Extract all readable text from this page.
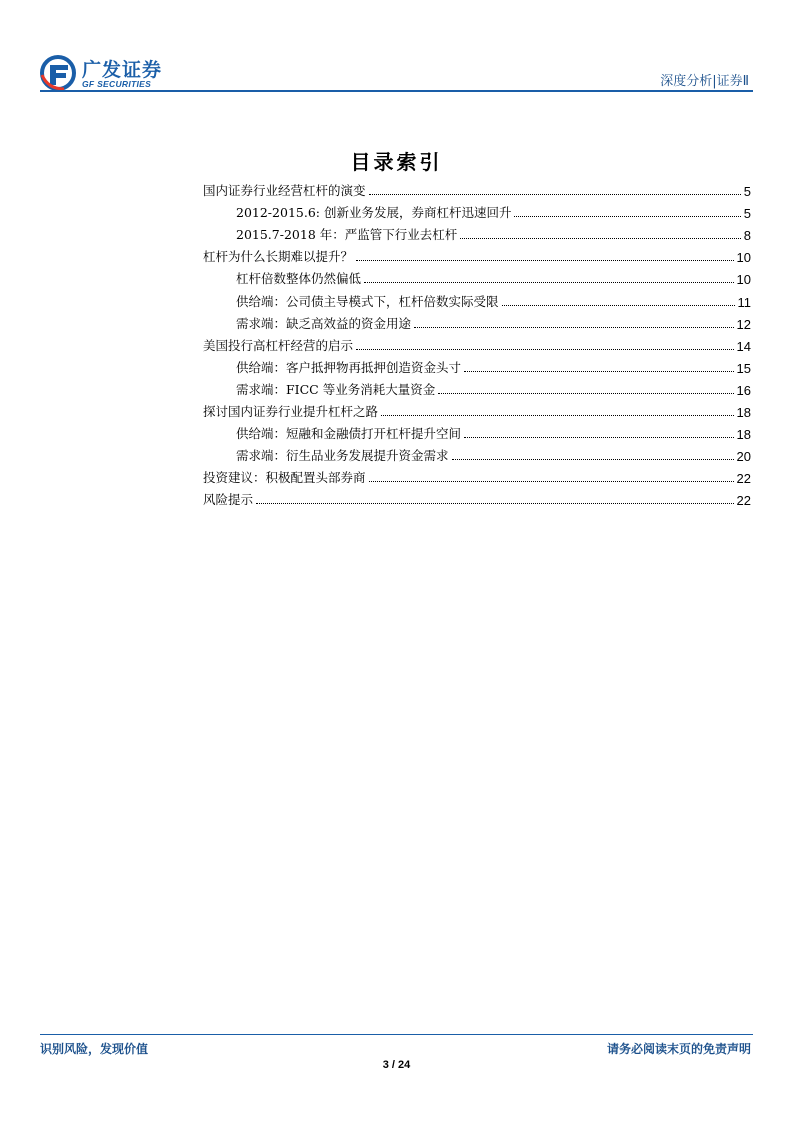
广发证券
GF SECURITIES	深度分析|证券Ⅱ
目录索引
国内证券行业经营杠杆的演变	5
2012-2015.6: 创新业务发展，券商杠杆迅速回升	5
2015.7-2018 年：严监管下行业去杠杆	8
杠杆为什么长期难以提升？	10
杠杆倍数整体仍然偏低	10
供给端：公司债主导模式下，杠杆倍数实际受限	11
需求端：缺乏高效益的资金用途	12
美国投行高杠杆经营的启示	14
供给端：客户抵押物再抵押创造资金头寸	15
需求端：FICC 等业务消耗大量资金	16
探讨国内证券行业提升杠杆之路	18
供给端：短融和金融债打开杠杆提升空间	18
需求端：衍生品业务发展提升资金需求	20
投资建议：积极配置头部券商	22
风险提示	22
识别风险，发现价值	请务必阅读末页的免责声明
3 / 24
